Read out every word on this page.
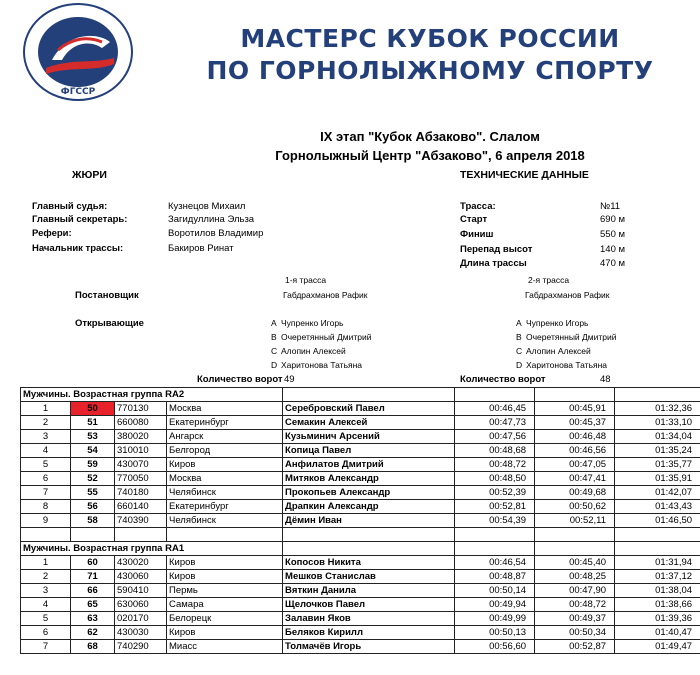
ФГССР
МАСТЕРС КУБОК РОССИИ
ПО ГОРНОЛЫЖНОМУ СПОРТУ
IX этап "Кубок Абзаково". Слалом
Горнолыжный Центр "Абзаково", 6 апреля 2018
ЖЮРИ
Главный судья:	Кузнецов Михаил
Главный секретарь:	Загидуллина Эльза
Рефери:	Воротилов Владимир
Начальник трассы:	Бакиров Ринат
ТЕХНИЧЕСКИЕ ДАННЫЕ
Трасса:	№11
Старт	690 м
Финиш	550 м
Перепад высот	140 м
Длина трассы	470 м
1-я трасса	2-я трасса
Постановщик	Габдрахманов Рафик	Габдрахманов Рафик
Открывающие	A Чупренко Игорь
B Очеретянный Дмитрий
C Алопин Алексей
D Харитонова Татьяна
A Чупренко Игорь
B Очеретянный Дмитрий
C Алопин Алексей
D Харитонова Татьяна
Количество ворот 49	Количество ворот	48
Мужчины. Возрастная группа RA2							
1	50	770130	Москва	Серебровский Павел	00:46,45	00:45,91	01:32,36
2	51	660080	Екатеринбург	Семакин Алексей	00:47,73	00:45,37	01:33,10
3	53	380020	Ангарск	Кузьминич Арсений	00:47,56	00:46,48	01:34,04
4	54	310010	Белгород	Копица Павел	00:48,68	00:46,56	01:35,24
5	59	430070	Киров	Анфилатов Дмитрий	00:48,72	00:47,05	01:35,77
6	52	770050	Москва	Митяков Александр	00:48,50	00:47,41	01:35,91
7	55	740180	Челябинск	Прокопьев Александр	00:52,39	00:49,68	01:42,07
8	56	660140	Екатеринбург	Драпкин Александр	00:52,81	00:50,62	01:43,43
9	58	740390	Челябинск	Дёмин Иван	00:54,39	00:52,11	01:46,50

Мужчины. Возрастная группа RA1							
1	60	430020	Киров	Копосов Никита	00:46,54	00:45,40	01:31,94
2	71	430060	Киров	Мешков Станислав	00:48,87	00:48,25	01:37,12
3	66	590410	Пермь	Вяткин Данила	00:50,14	00:47,90	01:38,04
4	65	630060	Самара	Щелочков Павел	00:49,94	00:48,72	01:38,66
5	63	020170	Белорецк	Залавин Яков	00:49,99	00:49,37	01:39,36
6	62	430030	Киров	Беляков Кирилл	00:50,13	00:50,34	01:40,47
7	68	740290	Миасс	Толмачёв Игорь	00:56,60	00:52,87	01:49,47
